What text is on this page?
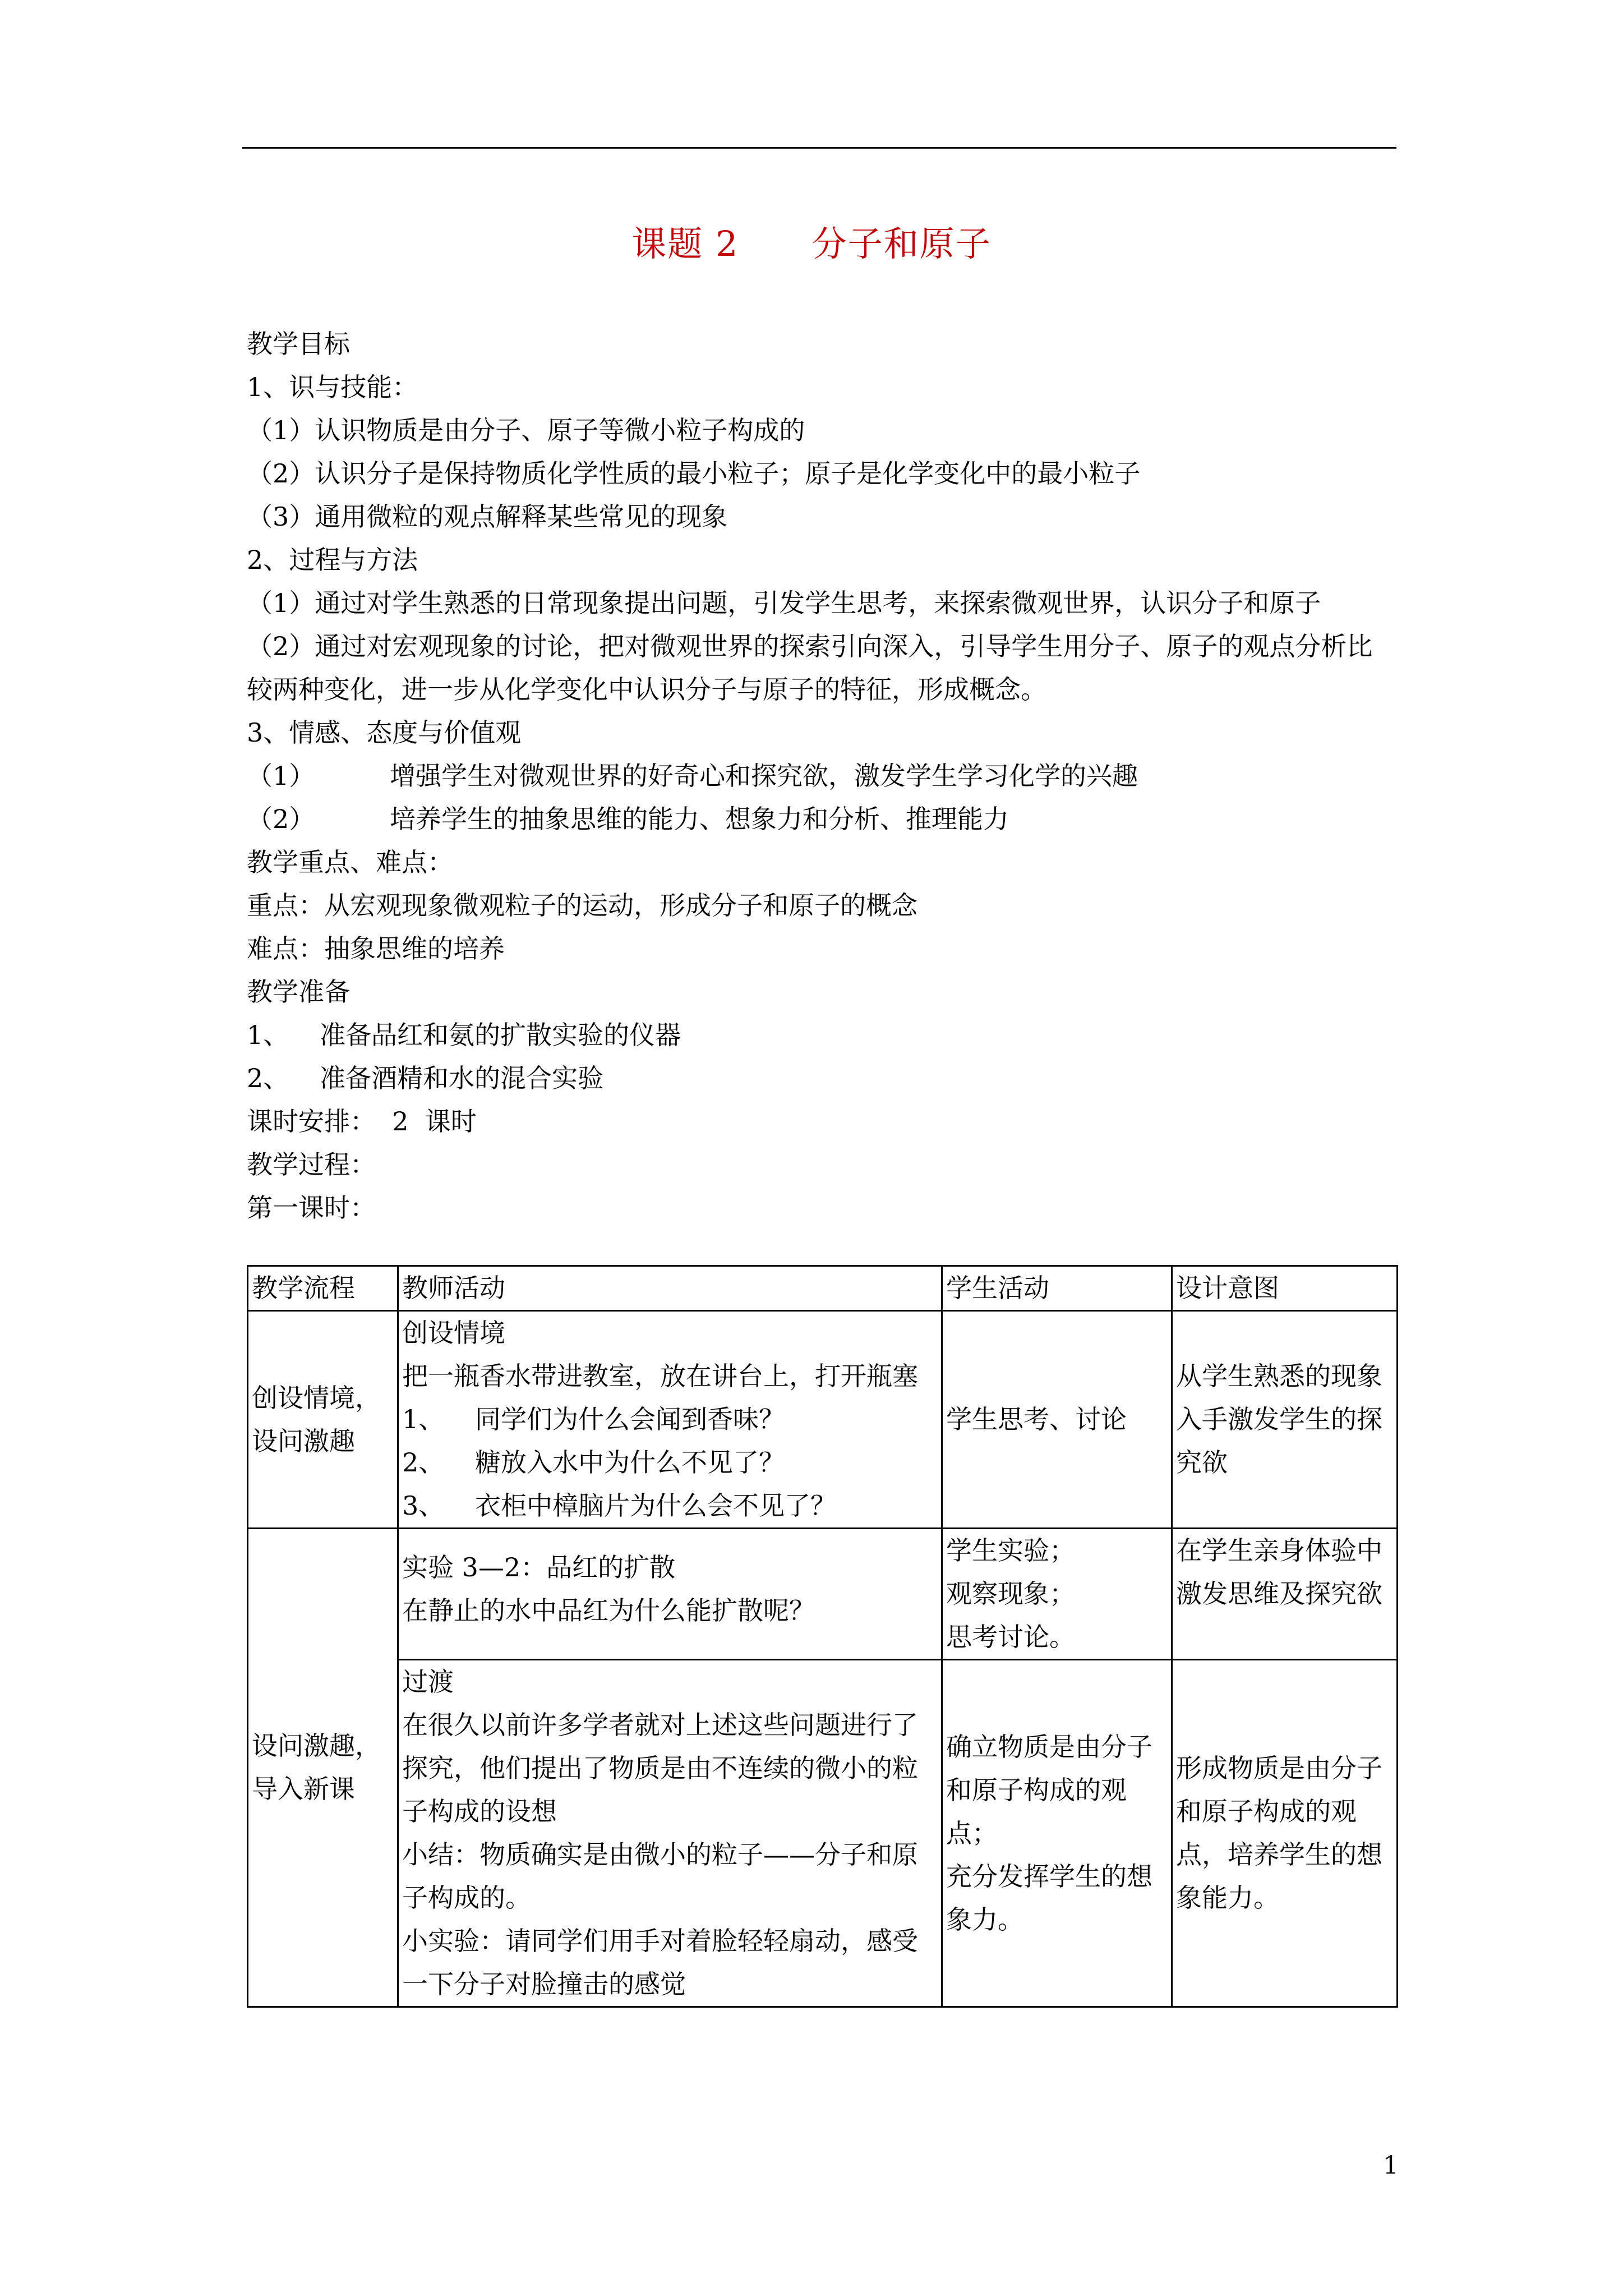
课题 2      分子和原子
教学目标
1、识与技能：
（1）认识物质是由分子、原子等微小粒子构成的
（2）认识分子是保持物质化学性质的最小粒子；原子是化学变化中的最小粒子
（3）通用微粒的观点解释某些常见的现象
2、过程与方法
（1）通过对学生熟悉的日常现象提出问题，引发学生思考，来探索微观世界，认识分子和原子
（2）通过对宏观现象的讨论，把对微观世界的探索引向深入，引导学生用分子、原子的观点分析比较两种变化，进一步从化学变化中认识分子与原子的特征，形成概念。
3、情感、态度与价值观
（1）	增强学生对微观世界的好奇心和探究欲，激发学生学习化学的兴趣
（2）	培养学生的抽象思维的能力、想象力和分析、推理能力
教学重点、难点：
重点：从宏观现象微观粒子的运动，形成分子和原子的概念
难点：抽象思维的培养
教学准备
1、 准备品红和氨的扩散实验的仪器
2、 准备酒精和水的混合实验
课时安排：  2  课时
教学过程：
第一课时：
教学流程	教师活动	学生活动	设计意图
创设情境，设问激趣	创设情境
把一瓶香水带进教室，放在讲台上，打开瓶塞
1、 同学们为什么会闻到香味？
2、 糖放入水中为什么不见了？
3、 衣柜中樟脑片为什么会不见了？	学生思考、讨论	从学生熟悉的现象入手激发学生的探究欲
设问激趣，导入新课	实验 3—2：品红的扩散
在静止的水中品红为什么能扩散呢？	学生实验；
观察现象；
思考讨论。	在学生亲身体验中激发思维及探究欲

	过渡
在很久以前许多学者就对上述这些问题进行了探究，他们提出了物质是由不连续的微小的粒子构成的设想
小结：物质确实是由微小的粒子——分子和原子构成的。
小实验：请同学们用手对着脸轻轻扇动，感受一下分子对脸撞击的感觉	确立物质是由分子和原子构成的观点；
充分发挥学生的想象力。	形成物质是由分子和原子构成的观点，培养学生的想象能力。
1
